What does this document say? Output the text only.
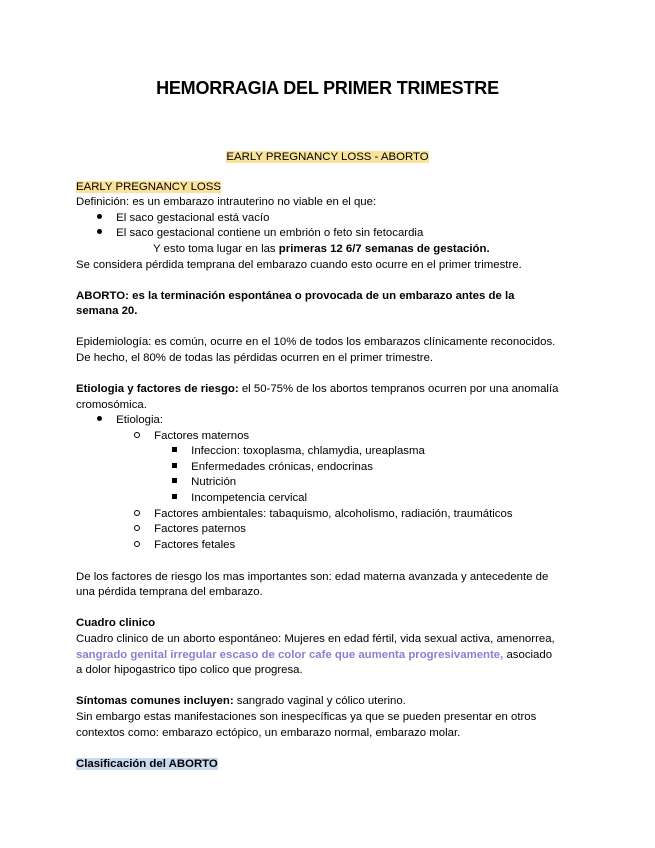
HEMORRAGIA DEL PRIMER TRIMESTRE
EARLY PREGNANCY LOSS - ABORTO
EARLY PREGNANCY LOSS
Definición: es un embarazo intrauterino no viable en el que:
El saco gestacional está vacío
El saco gestacional contiene un embrión o feto sin fetocardia
Y esto toma lugar en las primeras 12 6/7 semanas de gestación.
Se considera pérdida temprana del embarazo cuando esto ocurre en el primer trimestre.
ABORTO: es la terminación espontánea o provocada de un embarazo antes de la
semana 20.
Epidemiología: es común, ocurre en el 10% de todos los embarazos clínicamente reconocidos.
De hecho, el 80% de todas las pérdidas ocurren en el primer trimestre.
Etiologia y factores de riesgo: el 50-75% de los abortos tempranos ocurren por una anomalía
cromosómica.
Etiologia:
Factores maternos
Infeccion: toxoplasma, chlamydia, ureaplasma
Enfermedades crónicas, endocrinas
Nutrición
Incompetencia cervical
Factores ambientales: tabaquismo, alcoholismo, radiación, traumáticos
Factores paternos
Factores fetales
De los factores de riesgo los mas importantes son: edad materna avanzada y antecedente de
una pérdida temprana del embarazo.
Cuadro clinico
Cuadro clinico de un aborto espontáneo: Mujeres en edad fértil, vida sexual activa, amenorrea,
sangrado genital irregular escaso de color cafe que aumenta progresivamente, asociado
a dolor hipogastrico tipo colico que progresa.
Síntomas comunes incluyen: sangrado vaginal y cólico uterino.
Sin embargo estas manifestaciones son inespecíficas ya que se pueden presentar en otros
contextos como: embarazo ectópico, un embarazo normal, embarazo molar.
Clasificación del ABORTO
